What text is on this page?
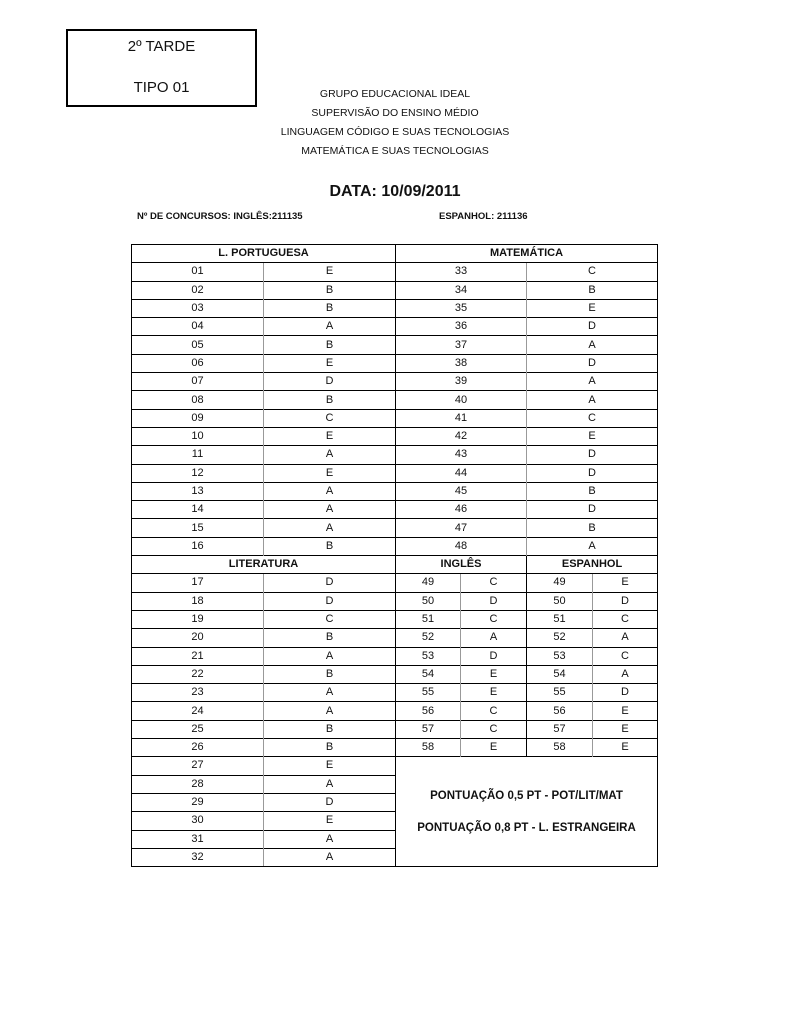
2º TARDE
TIPO 01	GRUPO EDUCACIONAL IDEAL
SUPERVISÃO DO ENSINO MÉDIO
LINGUAGEM CÓDIGO E SUAS TECNOLOGIAS
MATEMÁTICA E SUAS TECNOLOGIAS
DATA: 10/09/2011
Nº DE CONCURSOS: INGLÊS:211135	ESPANHOL: 211136
L. PORTUGUESA		MATEMÁTICA			
01	E	33		C	
02	B	34		B	
03	B	35		E	
04	A	36		D	
05	B	37		A	
06	E	38		D	
07	D	39		A	
08	B	40		A	
09	C	41		C	
10	E	42		E	
11	A	43		D	
12	E	44		D	
13	A	45		B	
14	A	46		D	
15	A	47		B	
16	B	48		A	
LITERATURA		INGLÊS		ESPANHOL	
17	D	49	C	49	E
18	D	50	D	50	D
19	C	51	C	51	C
20	B	52	A	52	A
21	A	53	D	53	C
22	B	54	E	54	A
23	A	55	E	55	D
24	A	56	C	56	E
25	B	57	C	57	E
26	B	58	E	58	E
27	E	PONTUAÇÃO 0,5 PT - POT/LIT/MAT
PONTUAÇÃO 0,8 PT - L. ESTRANGEIRA			

28	A				
29	D				
30	E				
31	A				
32	A				
